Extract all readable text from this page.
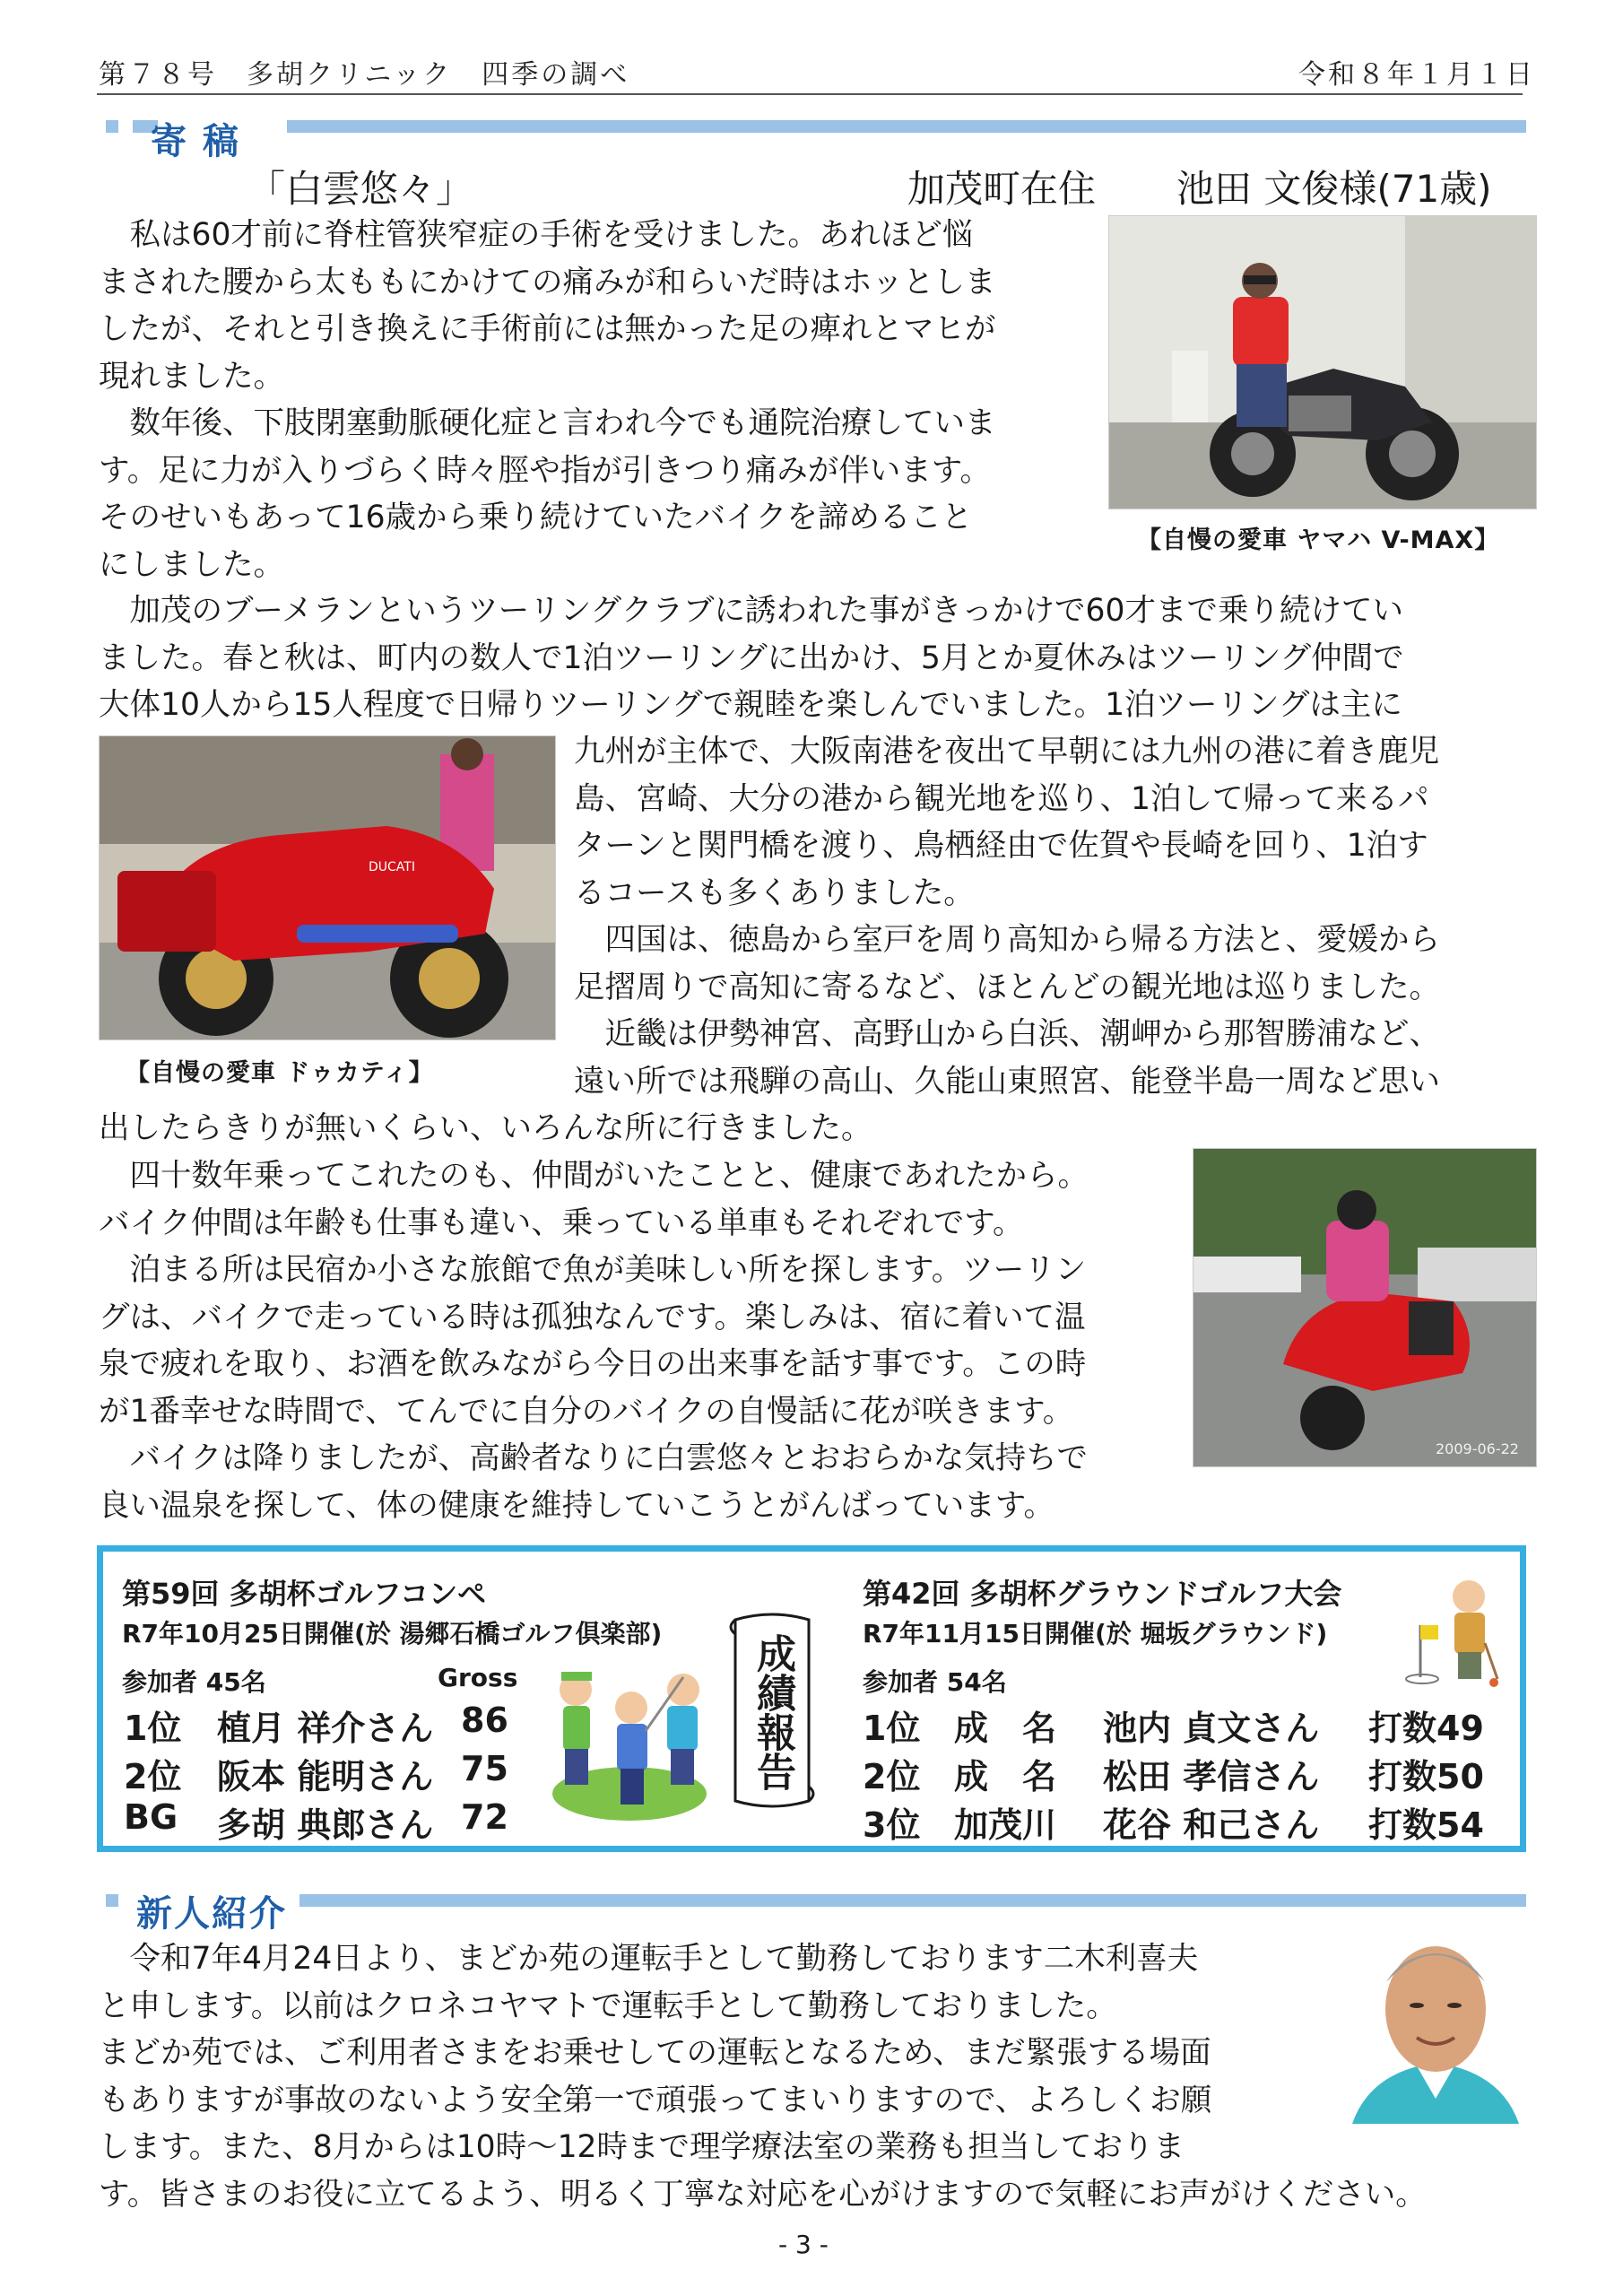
第７８号　多胡クリニック　四季の調べ	令和８年１月１日
寄稿
「白雲悠々」	加茂町在住 池田 文俊様(71歳)
　私は60才前に脊柱管狭窄症の手術を受けました。あれほど悩
まされた腰から太ももにかけての痛みが和らいだ時はホッとしま
したが、それと引き換えに手術前には無かった足の痺れとマヒが
現れました。
　数年後、下肢閉塞動脈硬化症と言われ今でも通院治療していま
す。足に力が入りづらく時々脛や指が引きつり痛みが伴います。
そのせいもあって16歳から乗り続けていたバイクを諦めること
にしました。
【自慢の愛車 ヤマハ V-MAX】
　加茂のブーメランというツーリングクラブに誘われた事がきっかけで60才まで乗り続けてい
ました。春と秋は、町内の数人で1泊ツーリングに出かけ、5月とか夏休みはツーリング仲間で
大体10人から15人程度で日帰りツーリングで親睦を楽しんでいました。1泊ツーリングは主に
DUCATI
【自慢の愛車 ドゥカティ】
九州が主体で、大阪南港を夜出て早朝には九州の港に着き鹿児
島、宮崎、大分の港から観光地を巡り、1泊して帰って来るパ
ターンと関門橋を渡り、鳥栖経由で佐賀や長崎を回り、1泊す
るコースも多くありました。
　四国は、徳島から室戸を周り高知から帰る方法と、愛媛から
足摺周りで高知に寄るなど、ほとんどの観光地は巡りました。
　近畿は伊勢神宮、高野山から白浜、潮岬から那智勝浦など、
遠い所では飛騨の高山、久能山東照宮、能登半島一周など思い
出したらきりが無いくらい、いろんな所に行きました。
　四十数年乗ってこれたのも、仲間がいたことと、健康であれたから。
バイク仲間は年齢も仕事も違い、乗っている単車もそれぞれです。
　泊まる所は民宿か小さな旅館で魚が美味しい所を探します。ツーリン
グは、バイクで走っている時は孤独なんです。楽しみは、宿に着いて温
泉で疲れを取り、お酒を飲みながら今日の出来事を話す事です。この時
が1番幸せな時間で、てんでに自分のバイクの自慢話に花が咲きます。
　バイクは降りましたが、高齢者なりに白雲悠々とおおらかな気持ちで
良い温泉を探して、体の健康を維持していこうとがんばっています。
2009-06-22
第59回 多胡杯ゴルフコンペ
R7年10月25日開催(於 湯郷石橋ゴルフ倶楽部)
参加者 45名	Gross
1位 植月 祥介さん 86
2位 阪本 能明さん 75
BG 多胡 典郎さん 72
成績報告
第42回 多胡杯グラウンドゴルフ大会
R7年11月15日開催(於 堀坂グラウンド)
参加者 54名
1位 成　名 池内 貞文さん 打数49
2位 成　名 松田 孝信さん 打数50
3位 加茂川 花谷 和己さん 打数54
新人紹介
　令和7年4月24日より、まどか苑の運転手として勤務しております二木利喜夫
と申します。以前はクロネコヤマトで運転手として勤務しておりました。
まどか苑では、ご利用者さまをお乗せしての運転となるため、まだ緊張する場面
もありますが事故のないよう安全第一で頑張ってまいりますので、よろしくお願
します。また、8月からは10時〜12時まで理学療法室の業務も担当しておりま
す。皆さまのお役に立てるよう、明るく丁寧な対応を心がけますので気軽にお声がけください。
- 3 -
